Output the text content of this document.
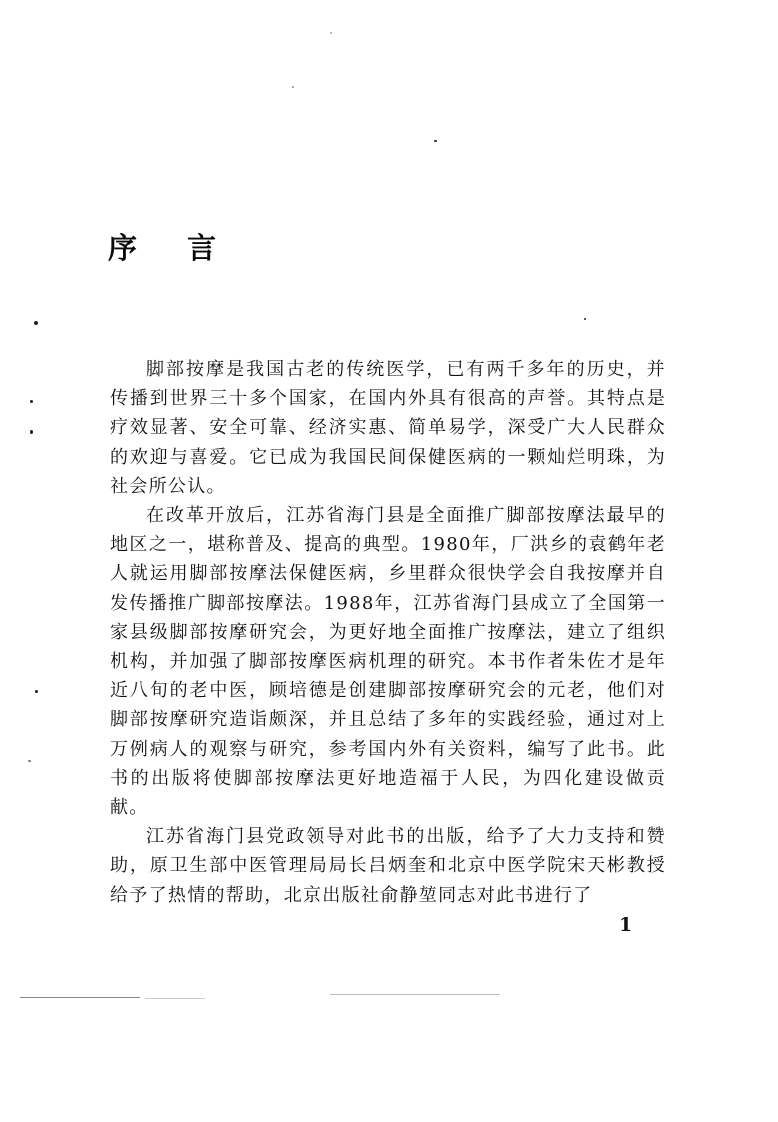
序 言

脚部按摩是我国古老的传统医学，已有两千多年的历史，并传播到世界三十多个国家，在国内外具有很高的声誉。其特点是疗效显著、安全可靠、经济实惠、简单易学，深受广大人民群众的欢迎与喜爱。它已成为我国民间保健医病的一颗灿烂明珠，为社会所公认。

在改革开放后，江苏省海门县是全面推广脚部按摩法最早的地区之一，堪称普及、提高的典型。1980年，厂洪乡的袁鹤年老人就运用脚部按摩法保健医病，乡里群众很快学会自我按摩并自发传播推广脚部按摩法。1988年，江苏省海门县成立了全国第一家县级脚部按摩研究会，为更好地全面推广按摩法，建立了组织机构，并加强了脚部按摩医病机理的研究。本书作者朱佐才是年近八旬的老中医，顾培德是创建脚部按摩研究会的元老，他们对脚部按摩研究造诣颇深，并且总结了多年的实践经验，通过对上万例病人的观察与研究，参考国内外有关资料，编写了此书。此书的出版将使脚部按摩法更好地造福于人民，为四化建设做贡献。

江苏省海门县党政领导对此书的出版，给予了大力支持和赞助，原卫生部中医管理局局长吕炳奎和北京中医学院宋天彬教授给予了热情的帮助，北京出版社俞静堃同志对此书进行了

1
